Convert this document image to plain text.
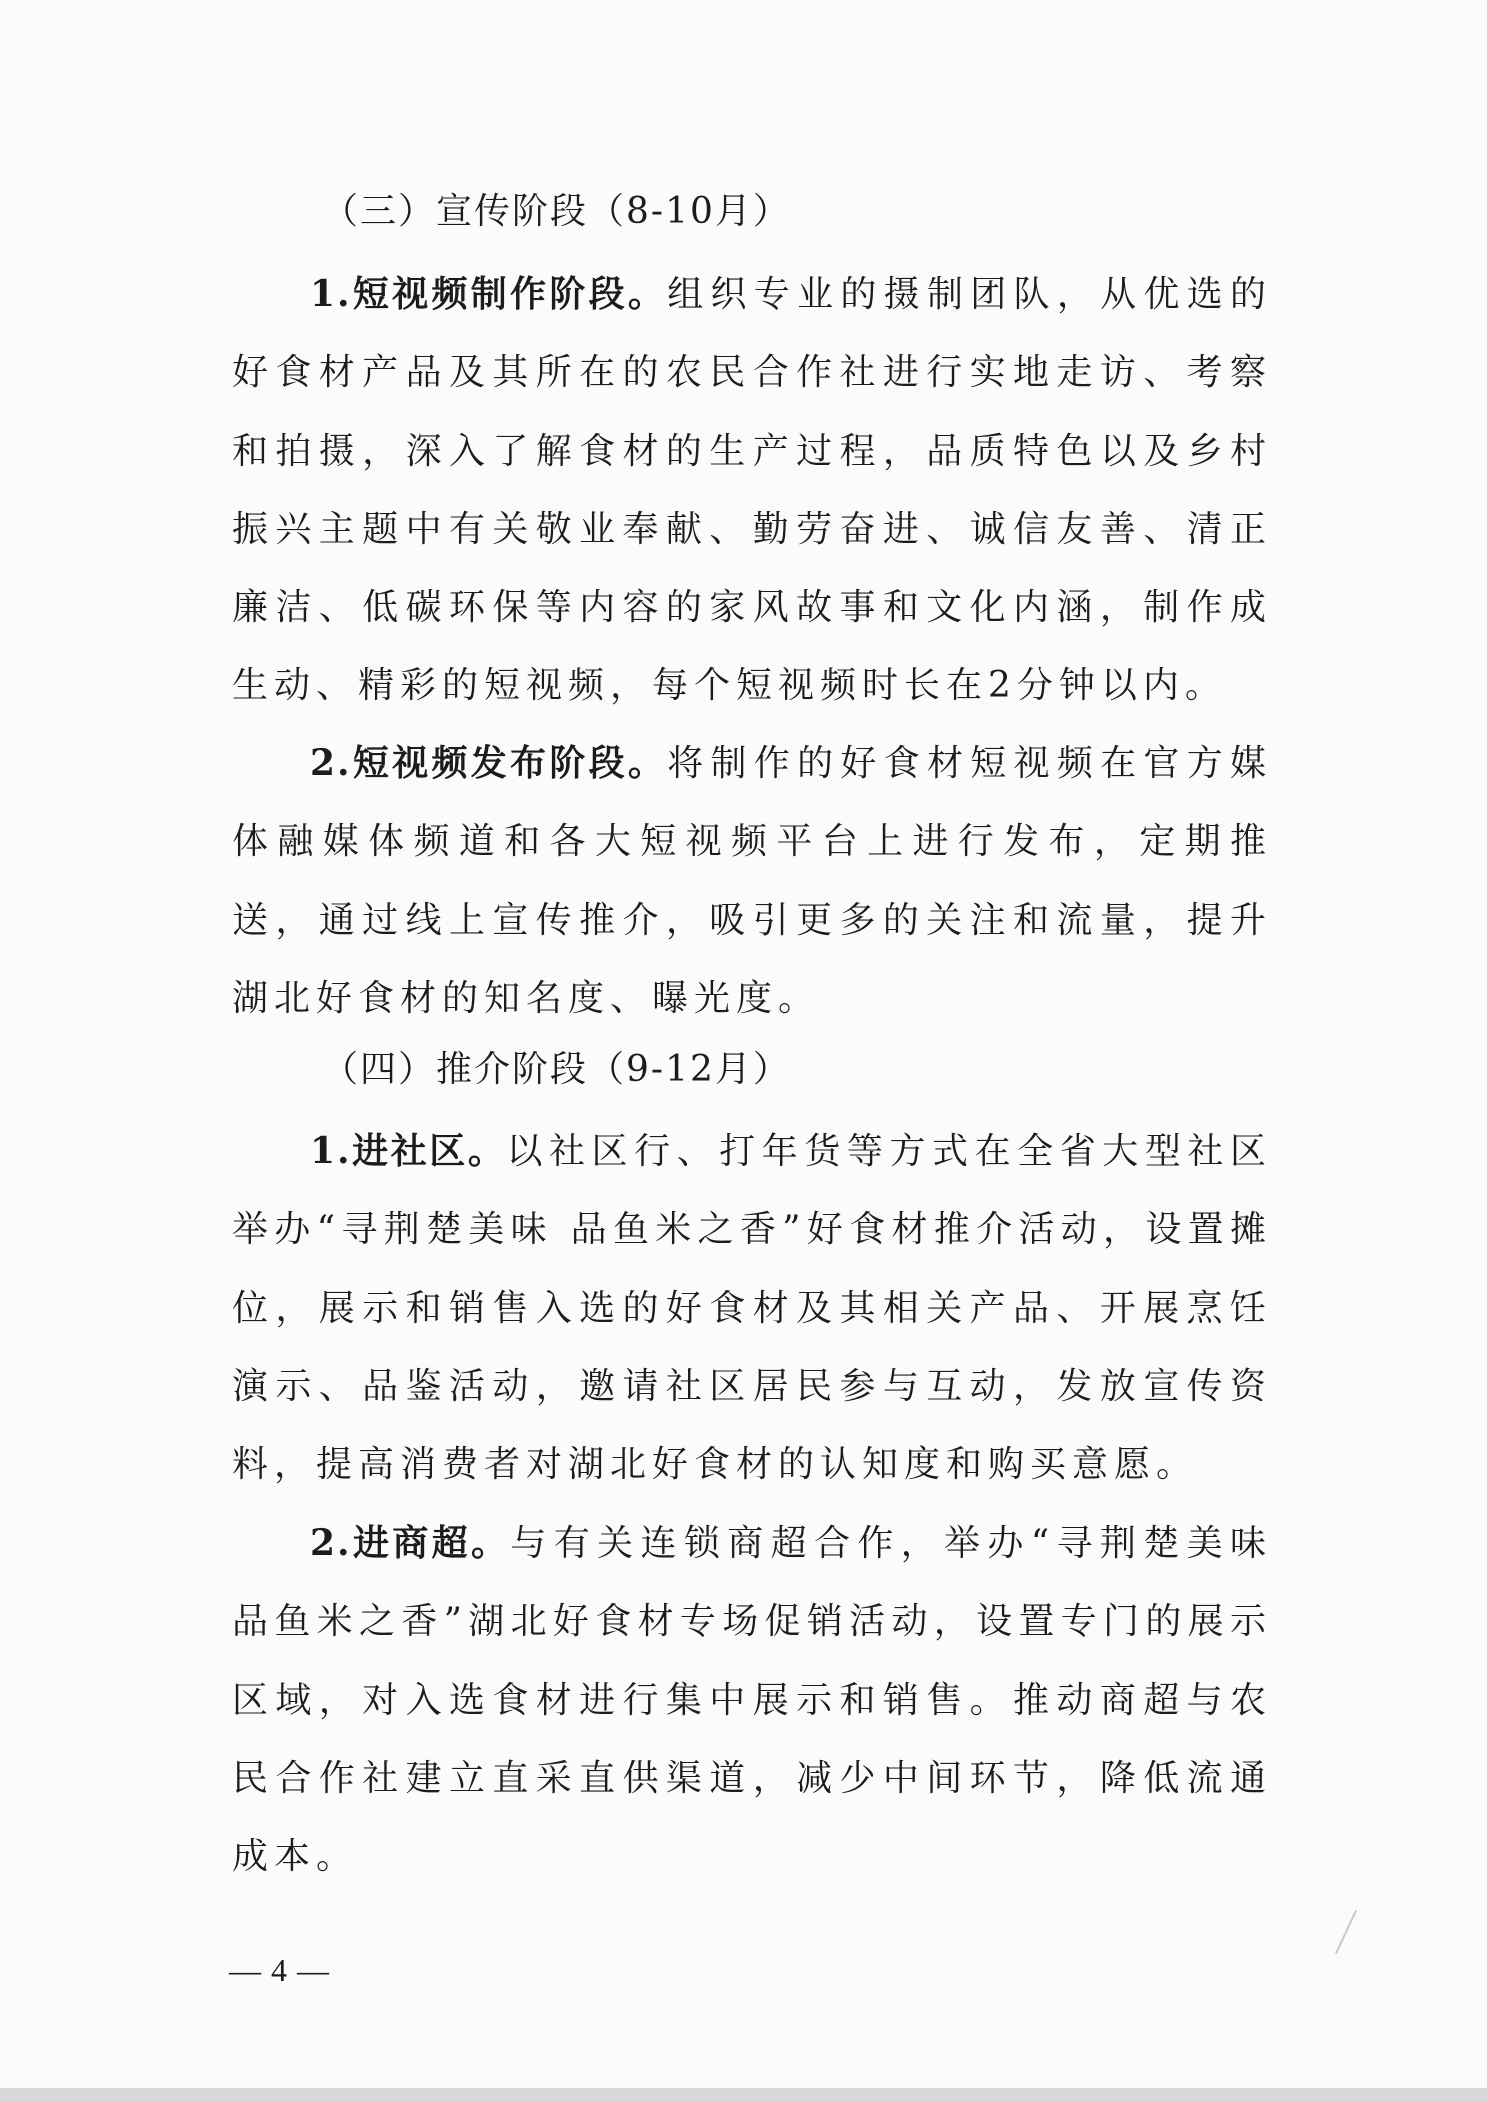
（三）宣传阶段（8-10月）

1.短视频制作阶段。组织专业的摄制团队，从优选的好食材产品及其所在的农民合作社进行实地走访、考察和拍摄，深入了解食材的生产过程，品质特色以及乡村振兴主题中有关敬业奉献、勤劳奋进、诚信友善、清正廉洁、低碳环保等内容的家风故事和文化内涵，制作成生动、精彩的短视频，每个短视频时长在2分钟以内。

2.短视频发布阶段。将制作的好食材短视频在官方媒体融媒体频道和各大短视频平台上进行发布，定期推送，通过线上宣传推介，吸引更多的关注和流量，提升湖北好食材的知名度、曝光度。

（四）推介阶段（9-12月）

1.进社区。以社区行、打年货等方式在全省大型社区举办“寻荆楚美味 品鱼米之香”好食材推介活动，设置摊位，展示和销售入选的好食材及其相关产品、开展烹饪演示、品鉴活动，邀请社区居民参与互动，发放宣传资料，提高消费者对湖北好食材的认知度和购买意愿。

2.进商超。与有关连锁商超合作，举办“寻荆楚美味 品鱼米之香”湖北好食材专场促销活动，设置专门的展示区域，对入选食材进行集中展示和销售。推动商超与农民合作社建立直采直供渠道，减少中间环节，降低流通成本。

— 4 —
